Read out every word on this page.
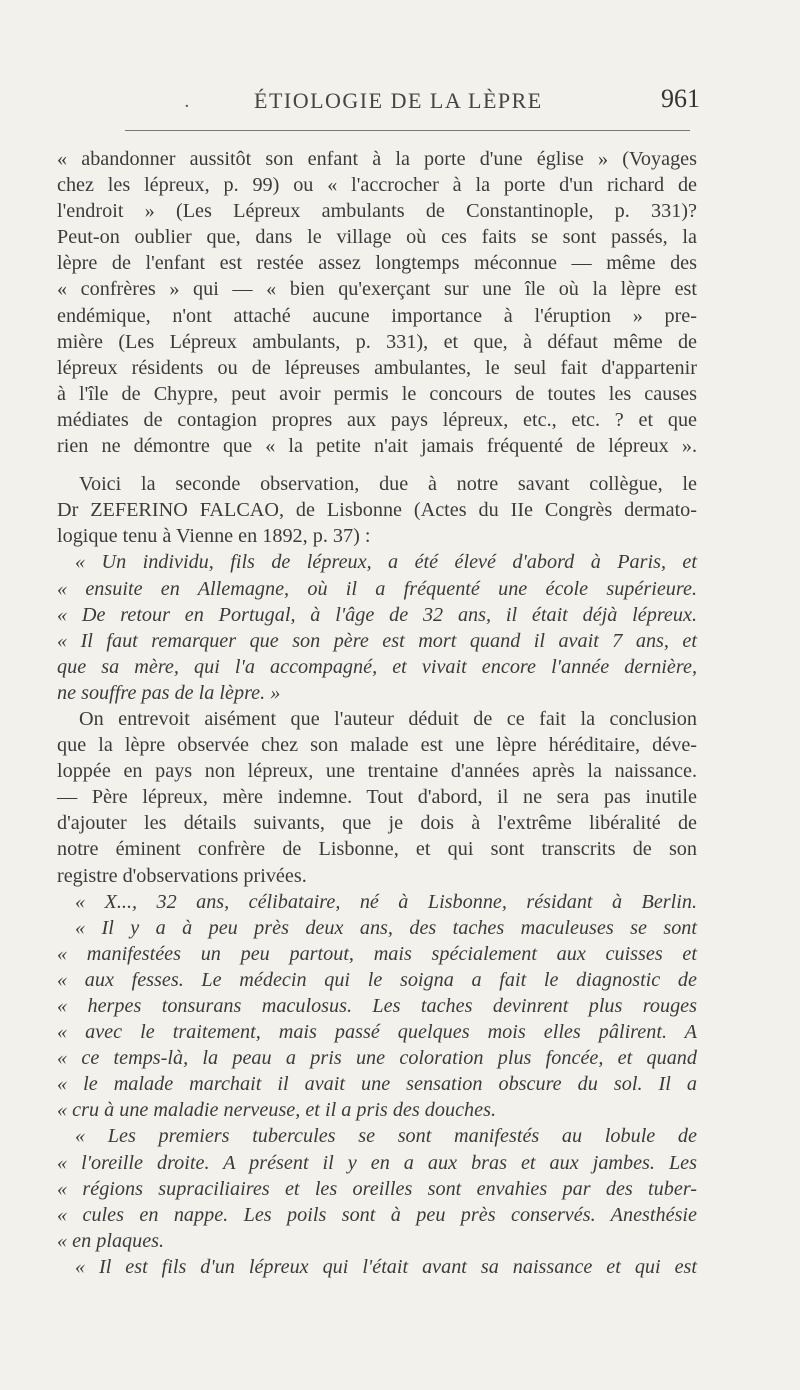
·	ÉTIOLOGIE DE LA LÈPRE	961
« abandonner aussitôt son enfant à la porte d'une église » (Voyages
chez les lépreux, p. 99) ou « l'accrocher à la porte d'un richard de
l'endroit » (Les Lépreux ambulants de Constantinople, p. 331)?
Peut-on oublier que, dans le village où ces faits se sont passés, la
lèpre de l'enfant est restée assez longtemps méconnue — même des
« confrères » qui — « bien qu'exerçant sur une île où la lèpre est
endémique, n'ont attaché aucune importance à l'éruption » pre-
mière (Les Lépreux ambulants, p. 331), et que, à défaut même de
lépreux résidents ou de lépreuses ambulantes, le seul fait d'appartenir
à l'île de Chypre, peut avoir permis le concours de toutes les causes
médiates de contagion propres aux pays lépreux, etc., etc. ? et que
rien ne démontre que « la petite n'ait jamais fréquenté de lépreux ».
Voici la seconde observation, due à notre savant collègue, le
Dr ZEFERINO FALCAO, de Lisbonne (Actes du IIe Congrès dermato-
logique tenu à Vienne en 1892, p. 37) :
« Un individu, fils de lépreux, a été élevé d'abord à Paris, et
« ensuite en Allemagne, où il a fréquenté une école supérieure.
« De retour en Portugal, à l'âge de 32 ans, il était déjà lépreux.
« Il faut remarquer que son père est mort quand il avait 7 ans, et
que sa mère, qui l'a accompagné, et vivait encore l'année dernière,
ne souffre pas de la lèpre. »
On entrevoit aisément que l'auteur déduit de ce fait la conclusion
que la lèpre observée chez son malade est une lèpre héréditaire, déve-
loppée en pays non lépreux, une trentaine d'années après la naissance.
— Père lépreux, mère indemne. Tout d'abord, il ne sera pas inutile
d'ajouter les détails suivants, que je dois à l'extrême libéralité de
notre éminent confrère de Lisbonne, et qui sont transcrits de son
registre d'observations privées.
« X..., 32 ans, célibataire, né à Lisbonne, résidant à Berlin.
« Il y a à peu près deux ans, des taches maculeuses se sont
« manifestées un peu partout, mais spécialement aux cuisses et
« aux fesses. Le médecin qui le soigna a fait le diagnostic de
« herpes tonsurans maculosus. Les taches devinrent plus rouges
« avec le traitement, mais passé quelques mois elles pâlirent. A
« ce temps-là, la peau a pris une coloration plus foncée, et quand
« le malade marchait il avait une sensation obscure du sol. Il a
« cru à une maladie nerveuse, et il a pris des douches.
« Les premiers tubercules se sont manifestés au lobule de
« l'oreille droite. A présent il y en a aux bras et aux jambes. Les
« régions supraciliaires et les oreilles sont envahies par des tuber-
« cules en nappe. Les poils sont à peu près conservés. Anesthésie
« en plaques.
« Il est fils d'un lépreux qui l'était avant sa naissance et qui est
